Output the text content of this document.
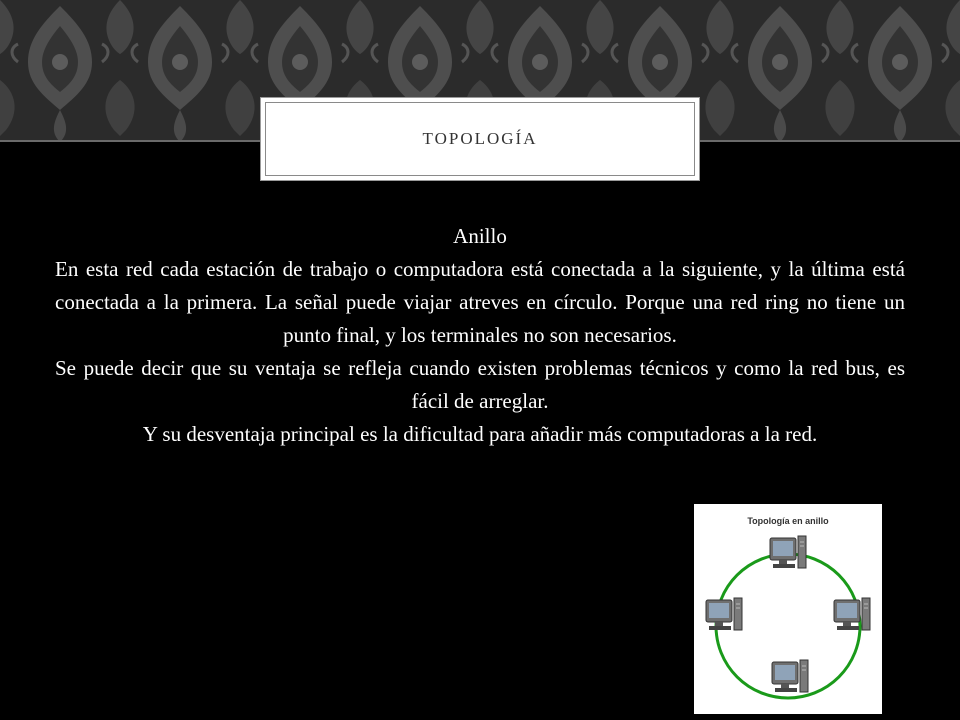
TOPOLOGÍA

Anillo

En esta red cada estación de trabajo o computadora está conectada a la siguiente, y la última está conectada a la primera. La señal puede viajar atreves en círculo. Porque una red ring no tiene un punto final, y los terminales no son necesarios.

Se puede decir que su ventaja se refleja cuando existen problemas técnicos y como la red bus, es fácil de arreglar.

Y su desventaja principal es la dificultad para añadir más computadoras a la red.

Topología en anillo
